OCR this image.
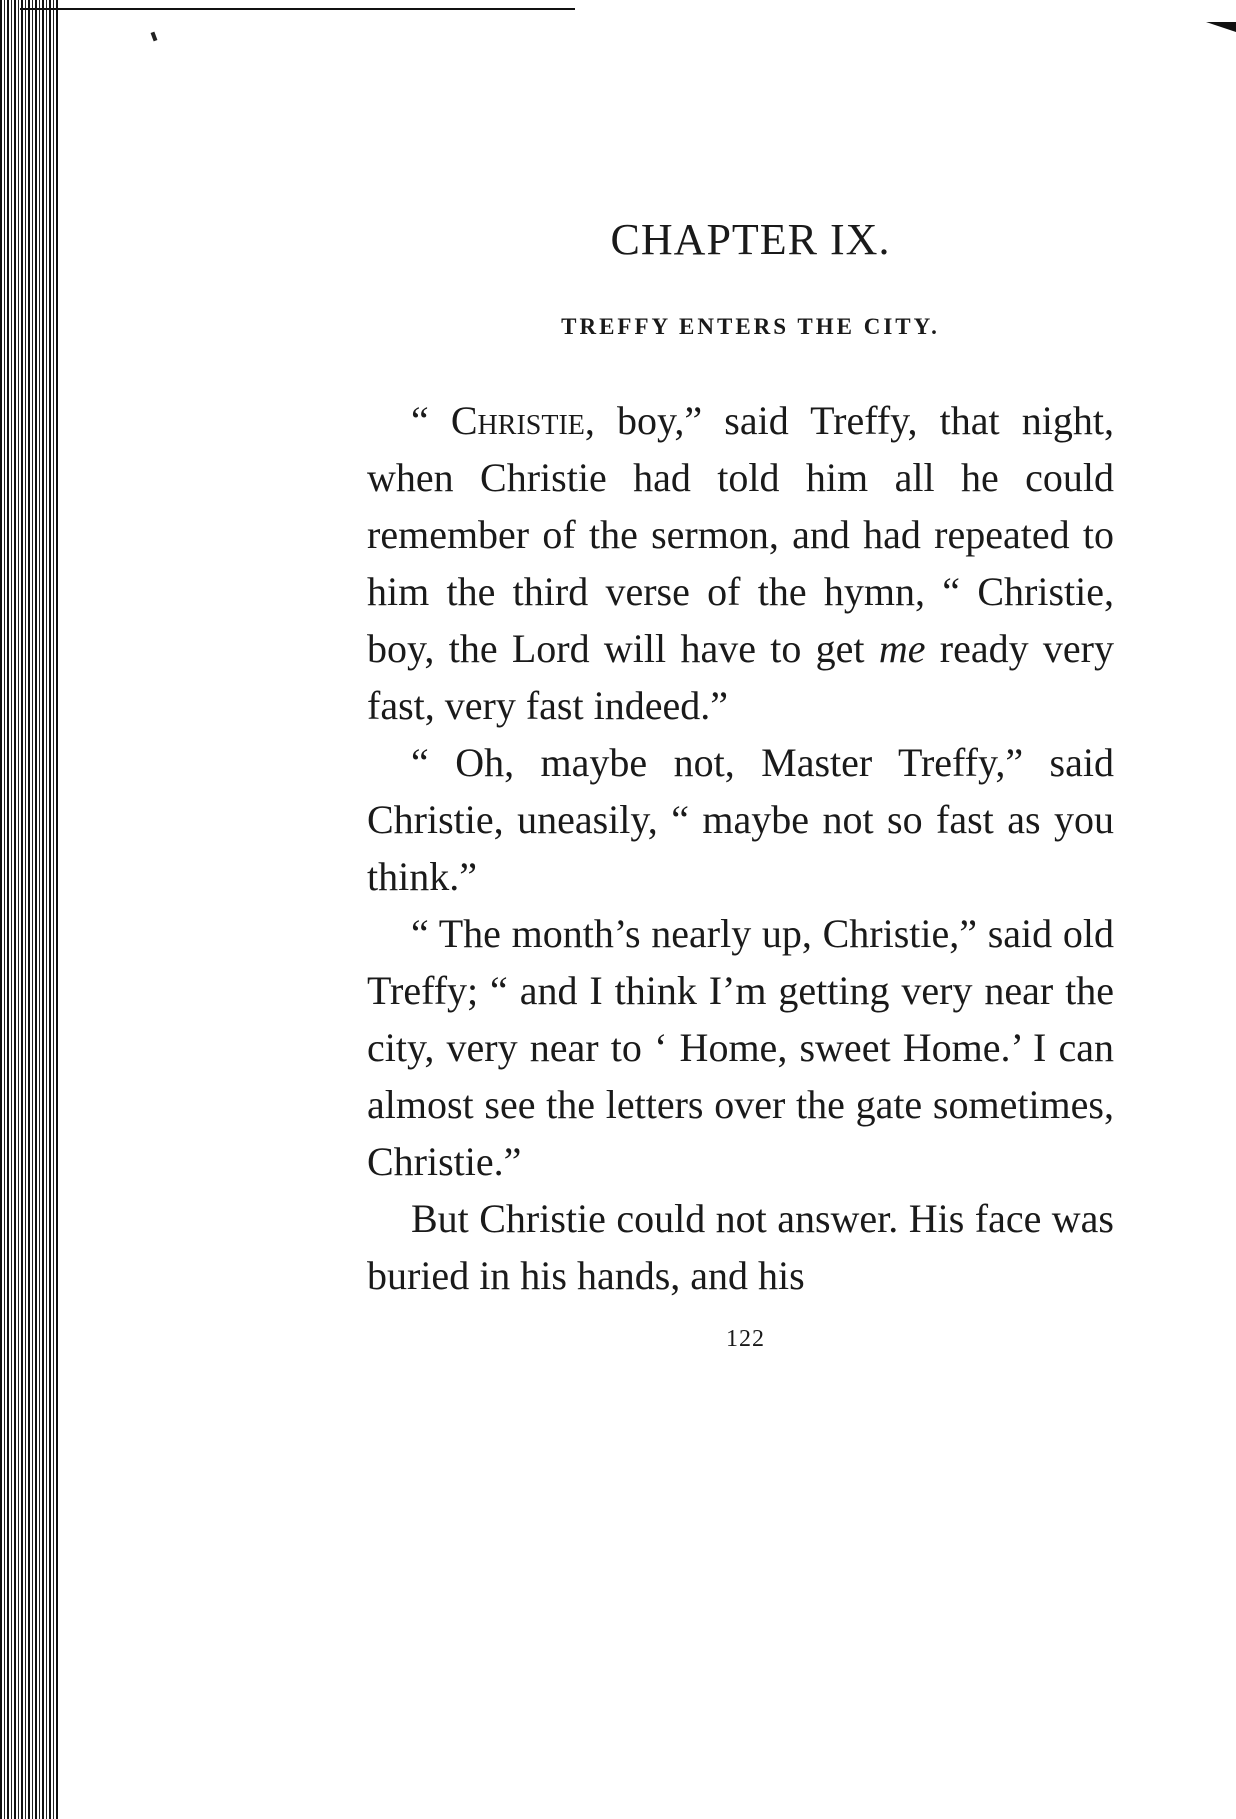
CHAPTER IX.
TREFFY ENTERS THE CITY.

“ Christie, boy,” said Treffy, that night, when Christie had told him all he could remember of the sermon, and had repeated to him the third verse of the hymn, “ Christie, boy, the Lord will have to get me ready very fast, very fast indeed.”

“ Oh, maybe not, Master Treffy,” said Christie, uneasily, “ maybe not so fast as you think.”

“ The month’s nearly up, Christie,” said old Treffy; “ and I think I’m getting very near the city, very near to ‘ Home, sweet Home.’ I can almost see the letters over the gate sometimes, Christie.”

But Christie could not answer. His face was buried in his hands, and his

122
